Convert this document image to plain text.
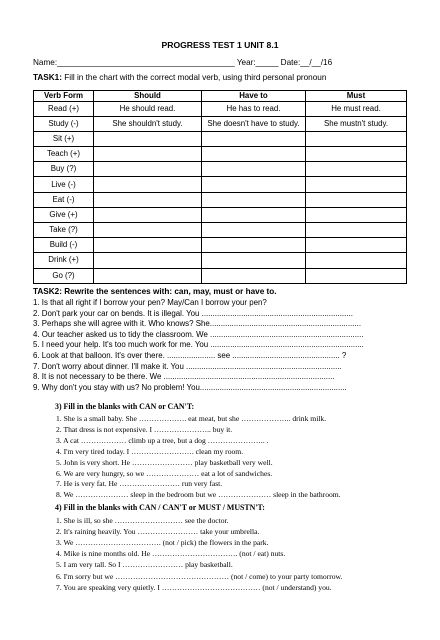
PROGRESS TEST 1 UNIT 8.1
Name:_______________________________________ Year:_____ Date:__/__/16
TASK1: Fill in the chart with the correct modal verb, using third personal pronoun
Verb Form	Should	Have to	Must
Read (+)	He should read.	He has to read.	He must read.
Study (-)	She shouldn't study.	She doesn't have to study.	She mustn't study.
Sit (+)			
Teach (+)			
Buy (?)			
Live (-)			
Eat (-)			
Give (+)			
Take (?)			
Build (-)			
Drink (+)			
Go (?)			
TASK2: Rewrite the sentences with: can, may, must or have to.
1. Is that all right if I borrow your pen? May/Can I borrow your pen?
2. Don't park your car on bends. It is illegal. You .....................................................................
3. Perhaps she will agree with it. Who knows? She.....................................................................
4. Our teacher asked us to tidy the classroom. We ......................................................................
5. I need your help. It's too much work for me. You ......................................................................
6. Look at that balloon. It's over there. ...................... see ................................................. ?
7. Don't worry about dinner. I'll make it. You .......................................................................
8. It is not necessary to be there. We ..............................................................................
9. Why don't you stay with us? No problem! You...................................................................
3) Fill in the blanks with CAN or CAN'T:
1. She is a small baby. She ………………. eat meat, but she ……………….. drink milk.
2. That dress is not expensive. I ………………….. buy it.
3. A cat ……………… climb up a tree, but a dog ………………….. .
4. I'm very tired today. I ……………………. clean my room.
5. John is very short. He …………………… play basketball very well.
6. We are very hungry, so we ………………… eat a lot of sandwiches.
7. He is very fat. He …………………… run very fast.
8. We ………………… sleep in the bedroom but we ………………… sleep in the bathroom.
4) Fill in the blanks with CAN / CAN'T or MUST / MUSTN'T:
1. She is ill, so she ……………………… see the doctor.
2. It's raining heavily. You …………………… take your umbrella.
3. We ……………………………. (not / pick) the flowers in the park.
4. Mike is nine months old. He ……………………………. (not / eat) nuts.
5. I am very tall. So I …………………… play basketball.
6. I'm sorry but we ……………………………………… (not / come) to your party tomorrow.
7. You are speaking very quietly. I ………………………………… (not / understand) you.
